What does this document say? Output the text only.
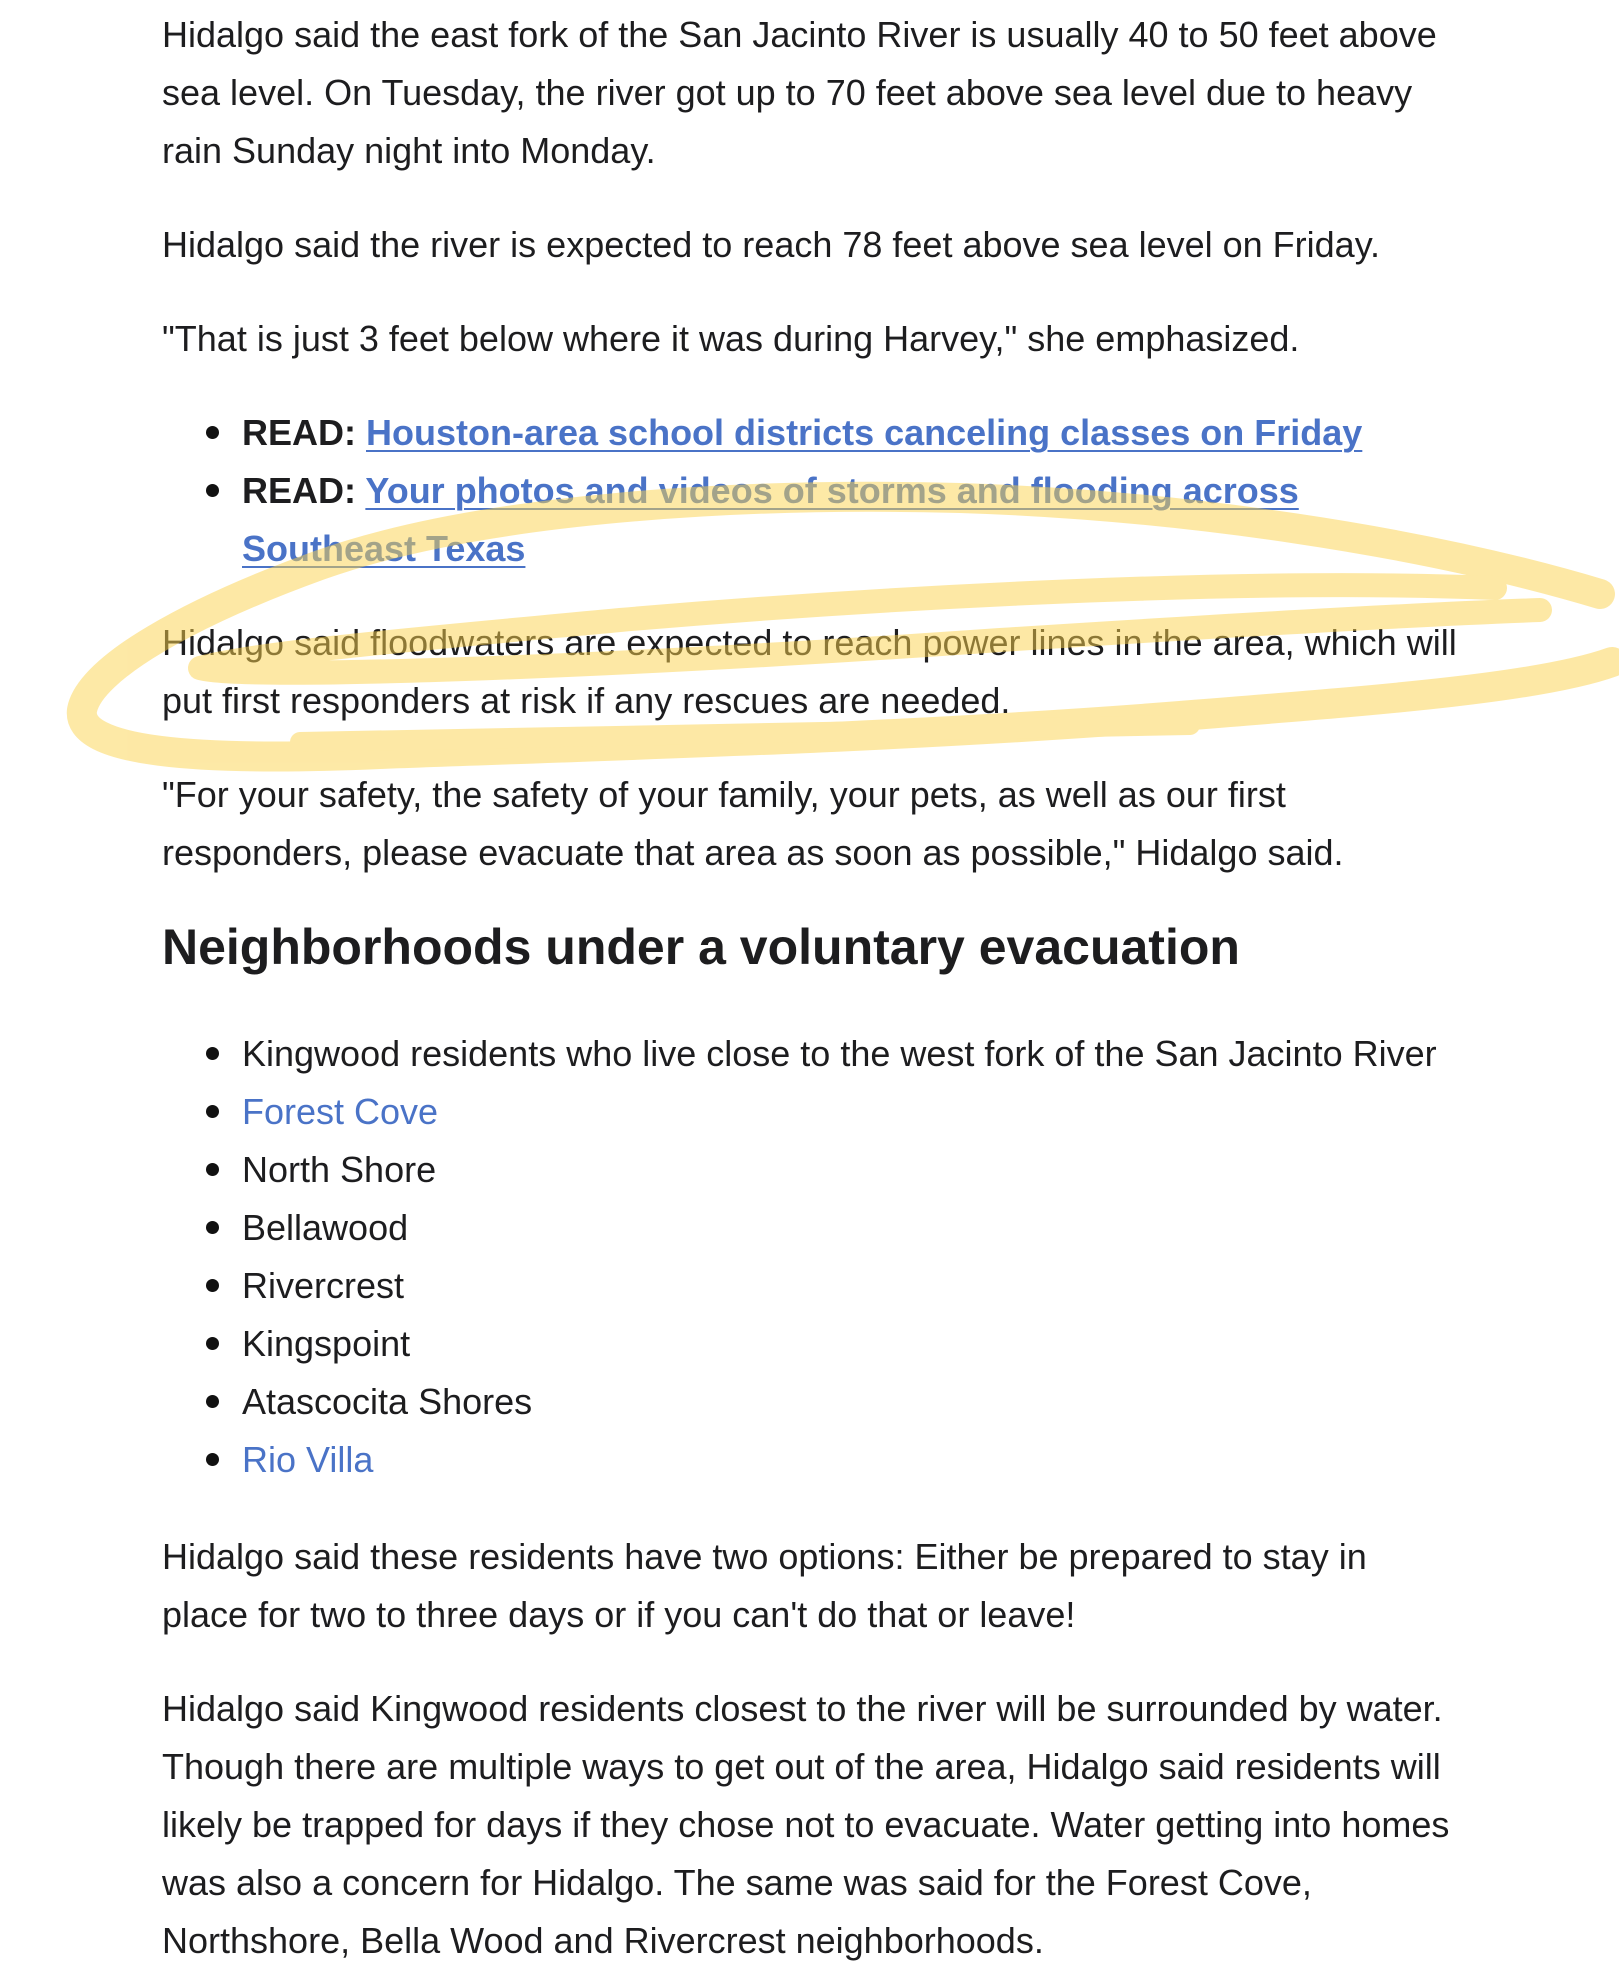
Hidalgo said the east fork of the San Jacinto River is usually 40 to 50 feet above sea level. On Tuesday, the river got up to 70 feet above sea level due to heavy rain Sunday night into Monday.

Hidalgo said the river is expected to reach 78 feet above sea level on Friday.

"That is just 3 feet below where it was during Harvey," she emphasized.

READ: Houston-area school districts canceling classes on Friday
READ: Your photos and videos of storms and flooding across Southeast Texas

Hidalgo said floodwaters are expected to reach power lines in the area, which will put first responders at risk if any rescues are needed.

"For your safety, the safety of your family, your pets, as well as our first responders, please evacuate that area as soon as possible," Hidalgo said.

Neighborhoods under a voluntary evacuation
Kingwood residents who live close to the west fork of the San Jacinto River
Forest Cove
North Shore
Bellawood
Rivercrest
Kingspoint
Atascocita Shores
Rio Villa

Hidalgo said these residents have two options: Either be prepared to stay in place for two to three days or if you can't do that or leave!

Hidalgo said Kingwood residents closest to the river will be surrounded by water. Though there are multiple ways to get out of the area, Hidalgo said residents will likely be trapped for days if they chose not to evacuate. Water getting into homes was also a concern for Hidalgo. The same was said for the Forest Cove, Northshore, Bella Wood and Rivercrest neighborhoods.
